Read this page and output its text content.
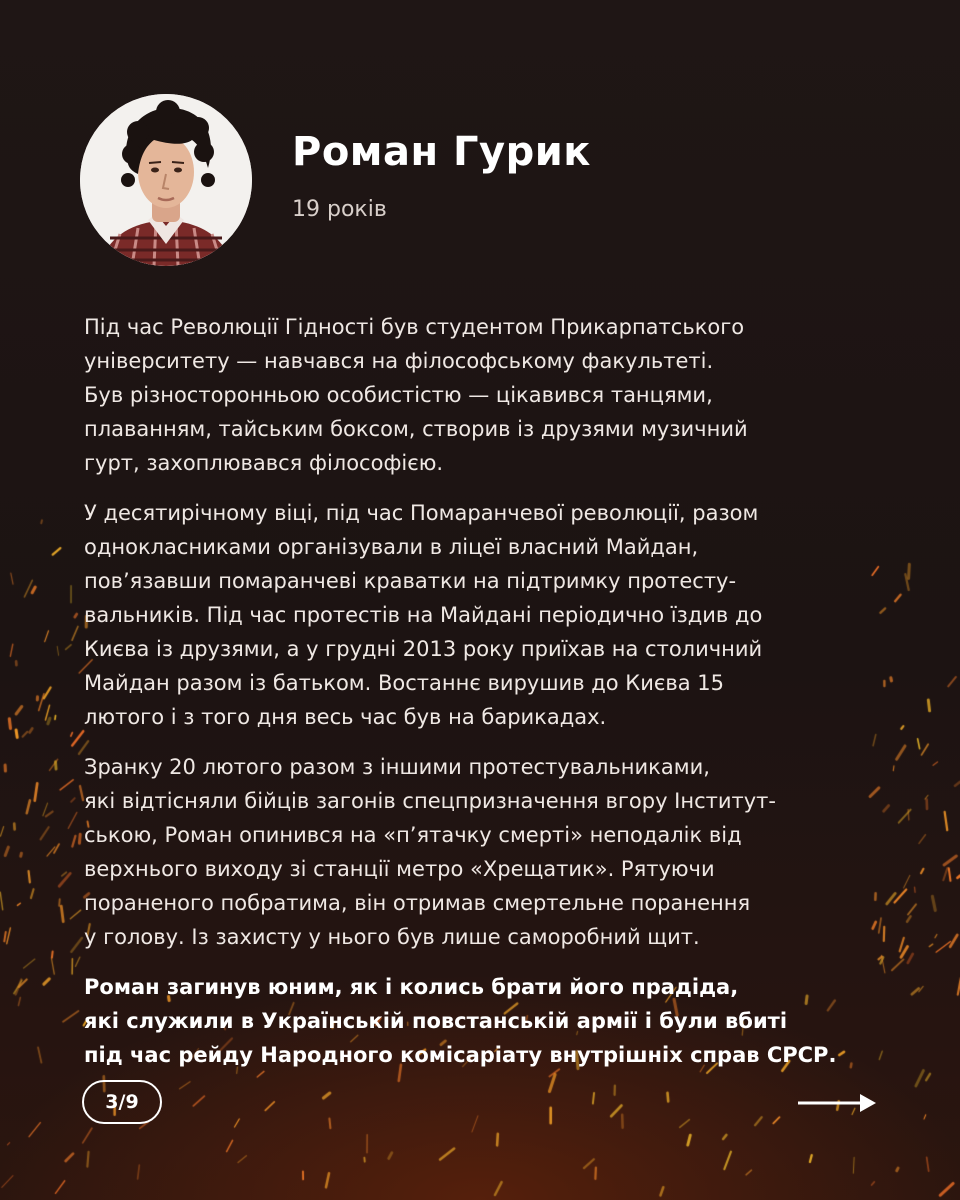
Роман Гурик
19 років

Під час Революції Гідності був студентом Прикарпатського
університету — навчався на філософському факультеті.
Був різносторонньою особистістю — цікавився танцями,
плаванням, тайським боксом, створив із друзями музичний
гурт, захоплювався філософією.

У десятирічному віці, під час Помаранчевої революції, разом
однокласниками організували в ліцеї власний Майдан,
пов’язавши помаранчеві краватки на підтримку протесту-
вальників. Під час протестів на Майдані періодично їздив до
Києва із друзями, а у грудні 2013 року приїхав на столичний
Майдан разом із батьком. Востаннє вирушив до Києва 15
лютого і з того дня весь час був на барикадах.

Зранку 20 лютого разом з іншими протестувальниками,
які відтісняли бійців загонів спецпризначення вгору Інститут-
ською, Роман опинився на «п’ятачку смерті» неподалік від
верхнього виходу зі станції метро «Хрещатик». Рятуючи
пораненого побратима, він отримав смертельне поранення
у голову. Із захисту у нього був лише саморобний щит.

Роман загинув юним, як і колись брати його прадіда,
які служили в Українській повстанській армії і були вбиті
під час рейду Народного комісаріату внутрішніх справ СРСР.

3/9
